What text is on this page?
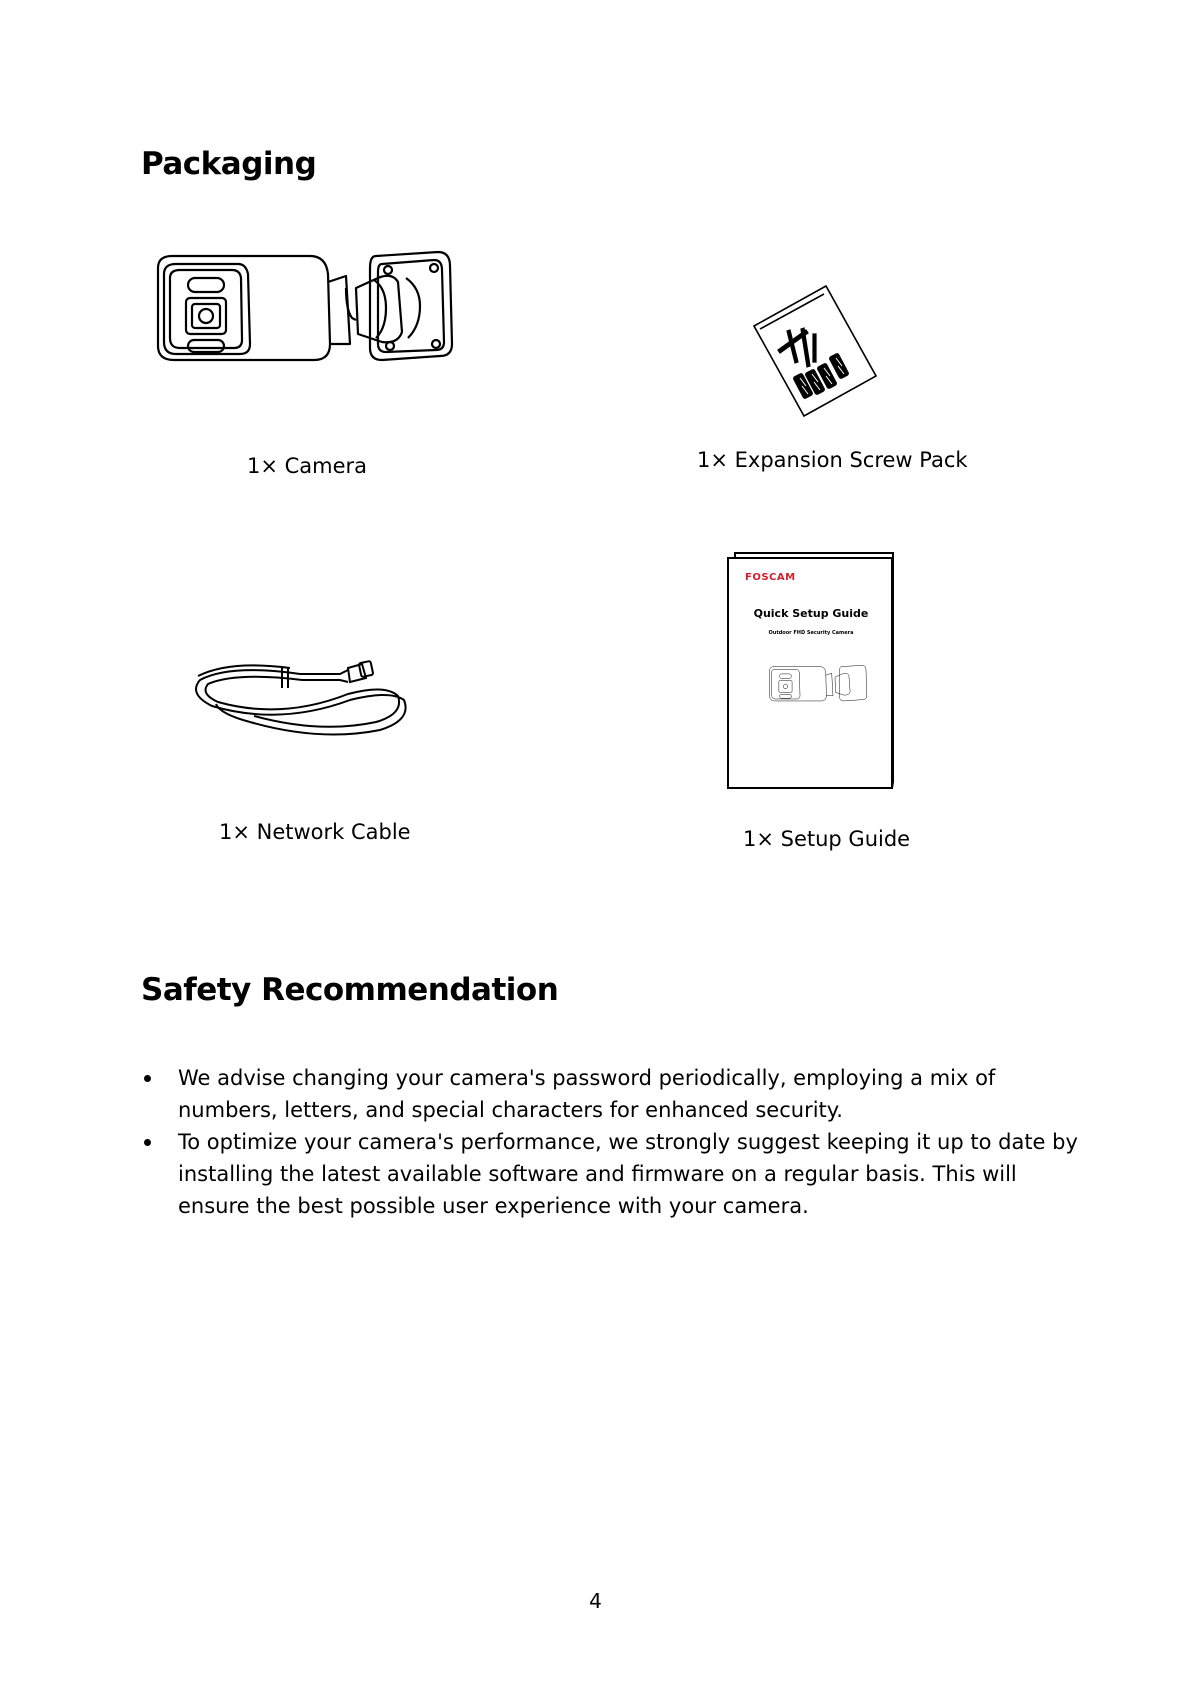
Packaging
1× Camera	1× Expansion Screw Pack
1× Network Cable
FOSCAM
Quick Setup Guide
Outdoor FHD Security Camera
1× Setup Guide
Safety Recommendation
We advise changing your camera's password periodically, employing a mix of numbers, letters, and special characters for enhanced security.
To optimize your camera's performance, we strongly suggest keeping it up to date by installing the latest available software and firmware on a regular basis. This will ensure the best possible user experience with your camera.
4
